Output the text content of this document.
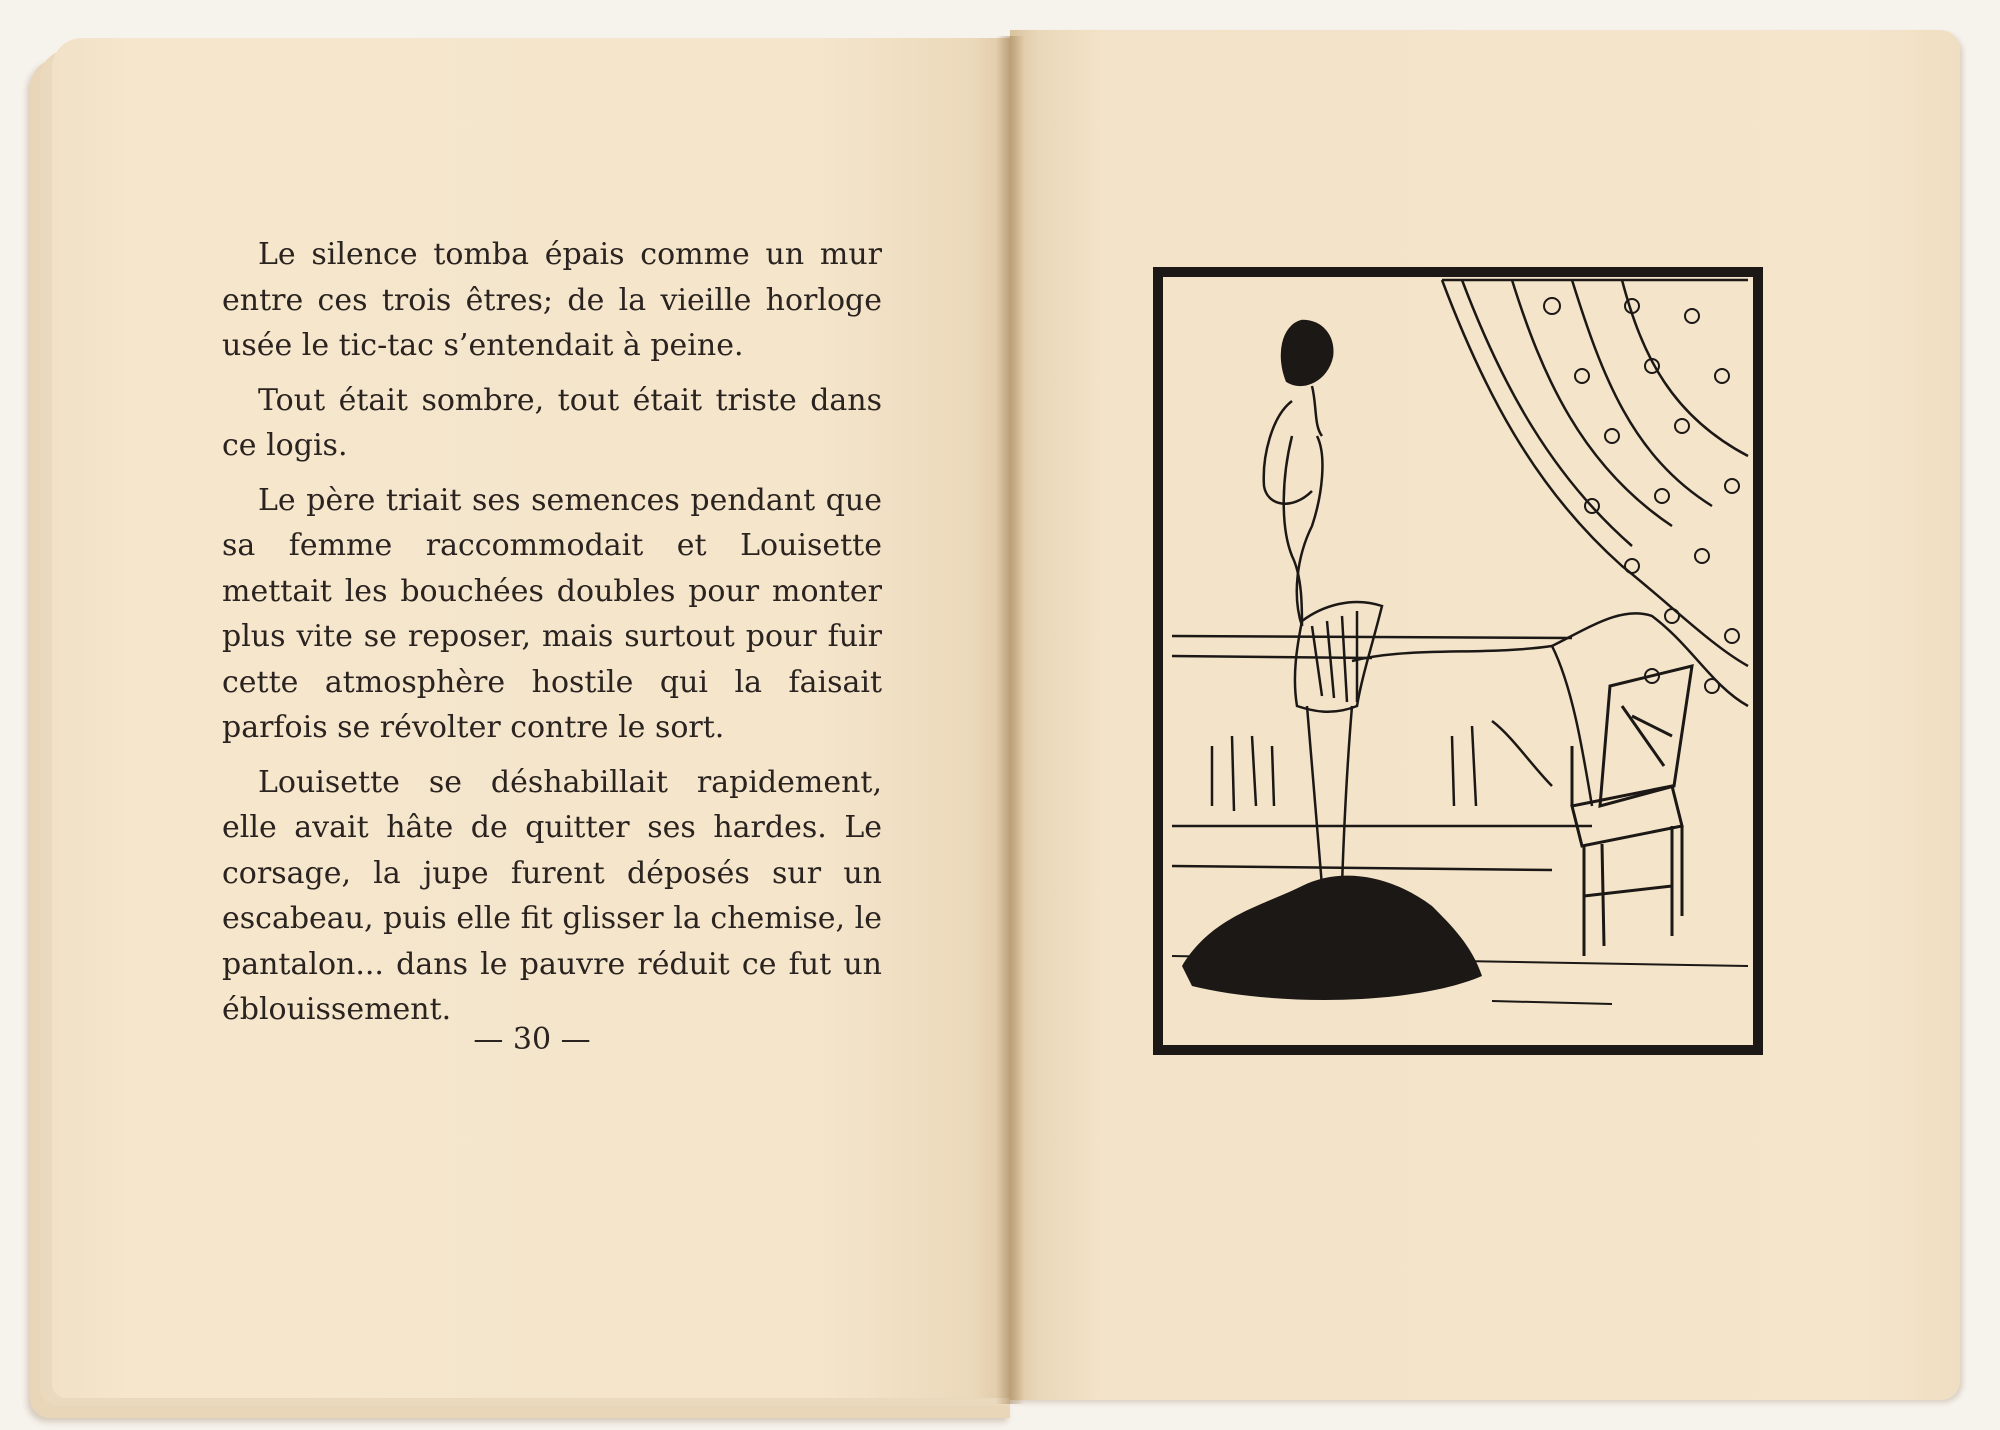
Le silence tomba épais comme un mur entre ces trois êtres; de la vieille horloge usée le tic-tac s’entendait à peine.

Tout était sombre, tout était triste dans ce logis.

Le père triait ses semences pendant que sa femme raccommodait et Louisette mettait les bouchées doubles pour monter plus vite se reposer, mais surtout pour fuir cette atmosphère hostile qui la faisait parfois se révolter contre le sort.

Louisette se déshabillait rapidement, elle avait hâte de quitter ses hardes. Le corsage, la jupe furent déposés sur un escabeau, puis elle fit glisser la chemise, le pantalon... dans le pauvre réduit ce fut un éblouissement.

— 30 —
